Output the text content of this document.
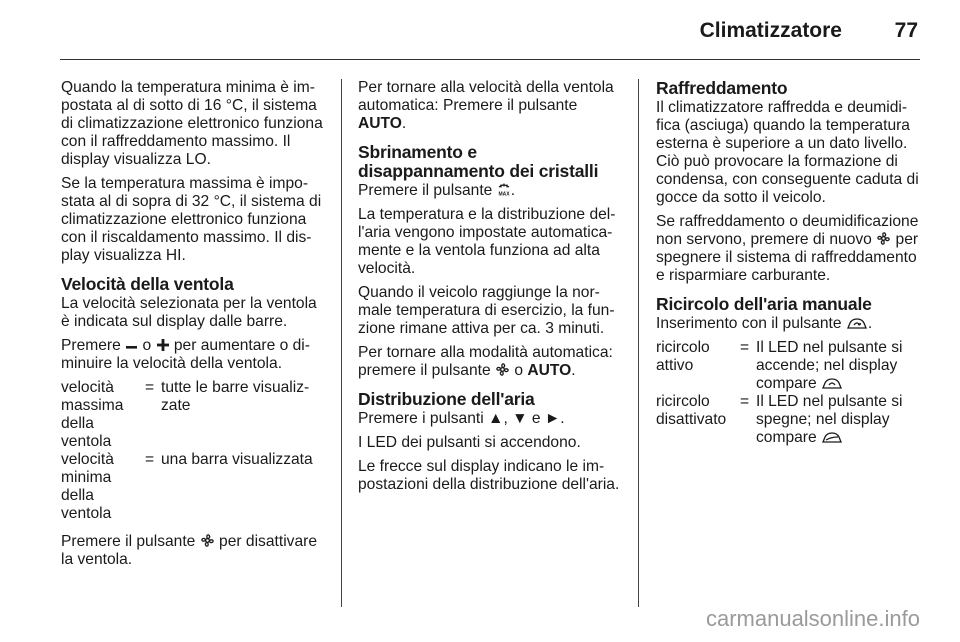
Climatizzatore	77

Quando la temperatura minima è impostata al di sotto di 16 °C, il sistema di climatizzazione elettronico funziona con il raffreddamento massimo. Il display visualizza LO.

Se la temperatura massima è impostata al di sopra di 32 °C, il sistema di climatizzazione elettronico funziona con il riscaldamento massimo. Il display visualizza HI.

Velocità della ventola

La velocità selezionata per la ventola è indicata sul display dalle barre.

Premere o per aumentare o diminuire la velocità della ventola.

velocità massima della ventola
= tutte le barre visualizzate
velocità minima della ventola
= una barra visualizzata

Premere il pulsante per disattivare la ventola.

Per tornare alla velocità della ventola automatica: Premere il pulsante AUTO.

Sbrinamento e disappannamento dei cristalli

Premere il pulsante MAX .

La temperatura e la distribuzione dell'aria vengono impostate automaticamente e la ventola funziona ad alta velocità.

Quando il veicolo raggiunge la normale temperatura di esercizio, la funzione rimane attiva per ca. 3 minuti.

Per tornare alla modalità automatica: premere il pulsante o AUTO.

Distribuzione dell'aria

Premere i pulsanti ▲, ▼ e ►.

I LED dei pulsanti si accendono.

Le frecce sul display indicano le impostazioni della distribuzione dell'aria.

Raffreddamento

Il climatizzatore raffredda e deumidifica (asciuga) quando la temperatura esterna è superiore a un dato livello. Ciò può provocare la formazione di condensa, con conseguente caduta di gocce da sotto il veicolo.

Se raffreddamento o deumidificazione non servono, premere di nuovo per spegnere il sistema di raffreddamento e risparmiare carburante.

Ricircolo dell'aria manuale

Inserimento con il pulsante .

ricircolo attivo
= Il LED nel pulsante si accende; nel display compare
ricircolo disattivato
= Il LED nel pulsante si spegne; nel display compare
carmanualsonline.info
